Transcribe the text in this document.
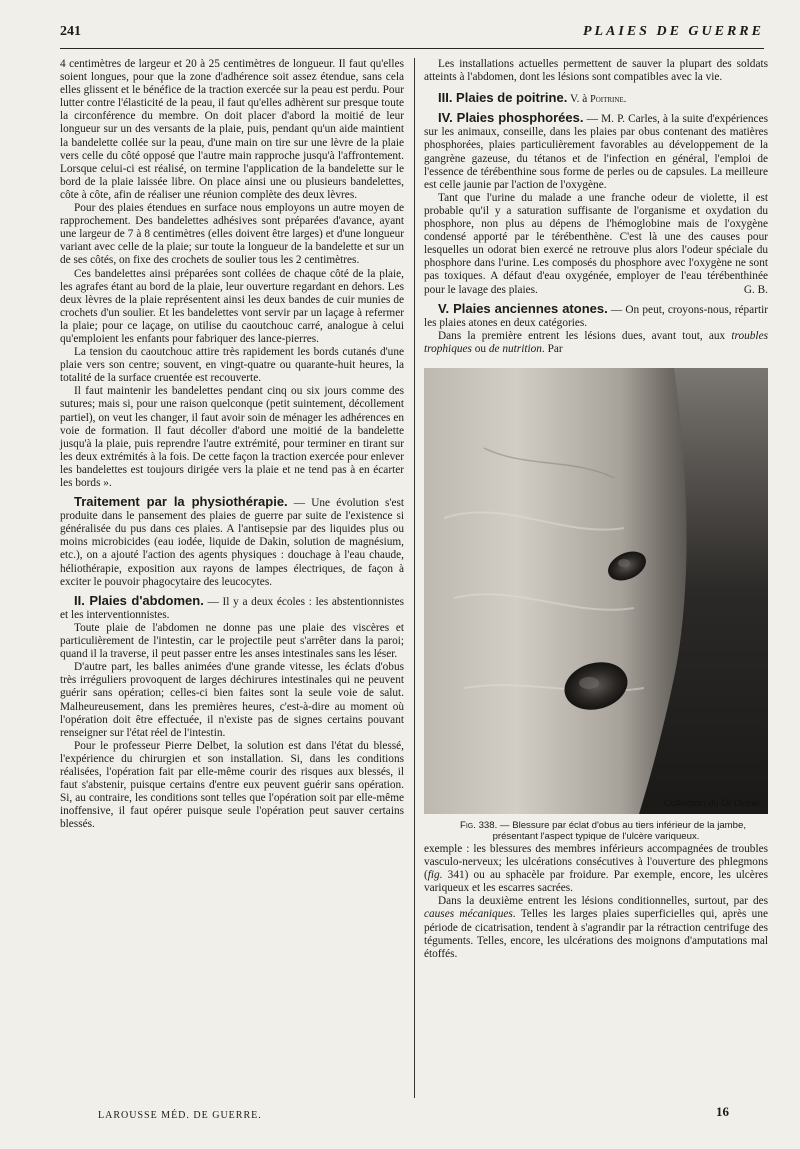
241	PLAIES DE GUERRE

4 centimètres de largeur et 20 à 25 centimètres de longueur. Il faut qu'elles soient longues, pour que la zone d'adhérence soit assez étendue, sans cela elles glissent et le bénéfice de la traction exercée sur la peau est perdu. Pour lutter contre l'élasticité de la peau, il faut qu'elles adhèrent sur presque toute la circonférence du membre. On doit placer d'abord la moitié de leur longueur sur un des versants de la plaie, puis, pendant qu'un aide maintient la bandelette collée sur la peau, d'une main on tire sur une lèvre de la plaie vers celle du côté opposé que l'autre main rapproche jusqu'à l'affrontement. Lorsque celui-ci est réalisé, on termine l'application de la bandelette sur le bord de la plaie laissée libre. On place ainsi une ou plusieurs bandelettes, côte à côte, afin de réaliser une réunion complète des deux lèvres.

Pour des plaies étendues en surface nous employons un autre moyen de rapprochement. Des bandelettes adhésives sont préparées d'avance, ayant une largeur de 7 à 8 centimètres (elles doivent être larges) et d'une longueur variant avec celle de la plaie; sur toute la longueur de la bandelette et sur un de ses côtés, on fixe des crochets de soulier tous les 2 centimètres.

Ces bandelettes ainsi préparées sont collées de chaque côté de la plaie, les agrafes étant au bord de la plaie, leur ouverture regardant en dehors. Les deux lèvres de la plaie représentent ainsi les deux bandes de cuir munies de crochets d'un soulier. Et les bandelettes vont servir par un laçage à refermer la plaie; pour ce laçage, on utilise du caoutchouc carré, analogue à celui qu'emploient les enfants pour fabriquer des lance-pierres.

La tension du caoutchouc attire très rapidement les bords cutanés d'une plaie vers son centre; souvent, en vingt-quatre ou quarante-huit heures, la totalité de la surface cruentée est recouverte.

Il faut maintenir les bandelettes pendant cinq ou six jours comme des sutures; mais si, pour une raison quelconque (petit suintement, décollement partiel), on veut les changer, il faut avoir soin de ménager les adhérences en voie de formation. Il faut décoller d'abord une moitié de la bandelette jusqu'à la plaie, puis reprendre l'autre extrémité, pour terminer en tirant sur les deux extrémités à la fois. De cette façon la traction exercée pour enlever les bandelettes est toujours dirigée vers la plaie et ne tend pas à en écarter les bords ».

Traitement par la physiothérapie. — Une évolution s'est produite dans le pansement des plaies de guerre par suite de l'existence si généralisée du pus dans ces plaies. A l'antisepsie par des liquides plus ou moins microbicides (eau iodée, liquide de Dakin, solution de magnésium, etc.), on a ajouté l'action des agents physiques : douchage à l'eau chaude, héliothérapie, exposition aux rayons de lampes électriques, de façon à exciter le pouvoir phagocytaire des leucocytes.

II. Plaies d'abdomen. — Il y a deux écoles : les abstentionnistes et les interventionnistes.

Toute plaie de l'abdomen ne donne pas une plaie des viscères et particulièrement de l'intestin, car le projectile peut s'arrêter dans la paroi; quand il la traverse, il peut passer entre les anses intestinales sans les léser.

D'autre part, les balles animées d'une grande vitesse, les éclats d'obus très irréguliers provoquent de larges déchirures intestinales qui ne peuvent guérir sans opération; celles-ci bien faites sont la seule voie de salut. Malheureusement, dans les premières heures, c'est-à-dire au moment où l'opération doit être effectuée, il n'existe pas de signes certains pouvant renseigner sur l'état réel de l'intestin.

Pour le professeur Pierre Delbet, la solution est dans l'état du blessé, l'expérience du chirurgien et son installation. Si, dans les conditions réalisées, l'opération fait par elle-même courir des risques aux blessés, il faut s'abstenir, puisque certains d'entre eux peuvent guérir sans opération. Si, au contraire, les conditions sont telles que l'opération soit par elle-même inoffensive, il faut opérer puisque seule l'opération peut sauver certains blessés.

Les installations actuelles permettent de sauver la plupart des soldats atteints à l'abdomen, dont les lésions sont compatibles avec la vie.

III. Plaies de poitrine. V. à Poitrine.

IV. Plaies phosphorées. — M. P. Carles, à la suite d'expériences sur les animaux, conseille, dans les plaies par obus contenant des matières phosphorées, plaies particulièrement favorables au développement de la gangrène gazeuse, du tétanos et de l'infection en général, l'emploi de l'essence de térébenthine sous forme de perles ou de capsules. La meilleure est celle jaunie par l'action de l'oxygène.

Tant que l'urine du malade a une franche odeur de violette, il est probable qu'il y a saturation suffisante de l'organisme et oxydation du phosphore, non plus au dépens de l'hémoglobine mais de l'oxygène condensé apporté par le térébenthène. C'est là une des causes pour lesquelles un odorat bien exercé ne retrouve plus alors l'odeur spéciale du phosphore dans l'urine. Les composés du phosphore avec l'oxygène ne sont pas toxiques. A défaut d'eau oxygénée, employer de l'eau térébenthinée pour le lavage des plaies.	G. B.

V. Plaies anciennes atones. — On peut, croyons-nous, répartir les plaies atones en deux catégories.

Dans la première entrent les lésions dues, avant tout, aux troubles trophiques ou de nutrition. Par

Collection du Dr Debat.

Fig. 338. — Blessure par éclat d'obus au tiers inférieur de la jambe, présentant l'aspect typique de l'ulcère variqueux.

exemple : les blessures des membres inférieurs accompagnées de troubles vasculo-nerveux; les ulcérations consécutives à l'ouverture des phlegmons (fig. 341) ou au sphacèle par froidure. Par exemple, encore, les ulcères variqueux et les escarres sacrées.

Dans la deuxième entrent les lésions conditionnelles, surtout, par des causes mécaniques. Telles les larges plaies superficielles qui, après une période de cicatrisation, tendent à s'agrandir par la rétraction centrifuge des téguments. Telles, encore, les ulcérations des moignons d'amputations mal étoffés.

LAROUSSE MÉD. DE GUERRE.	16
